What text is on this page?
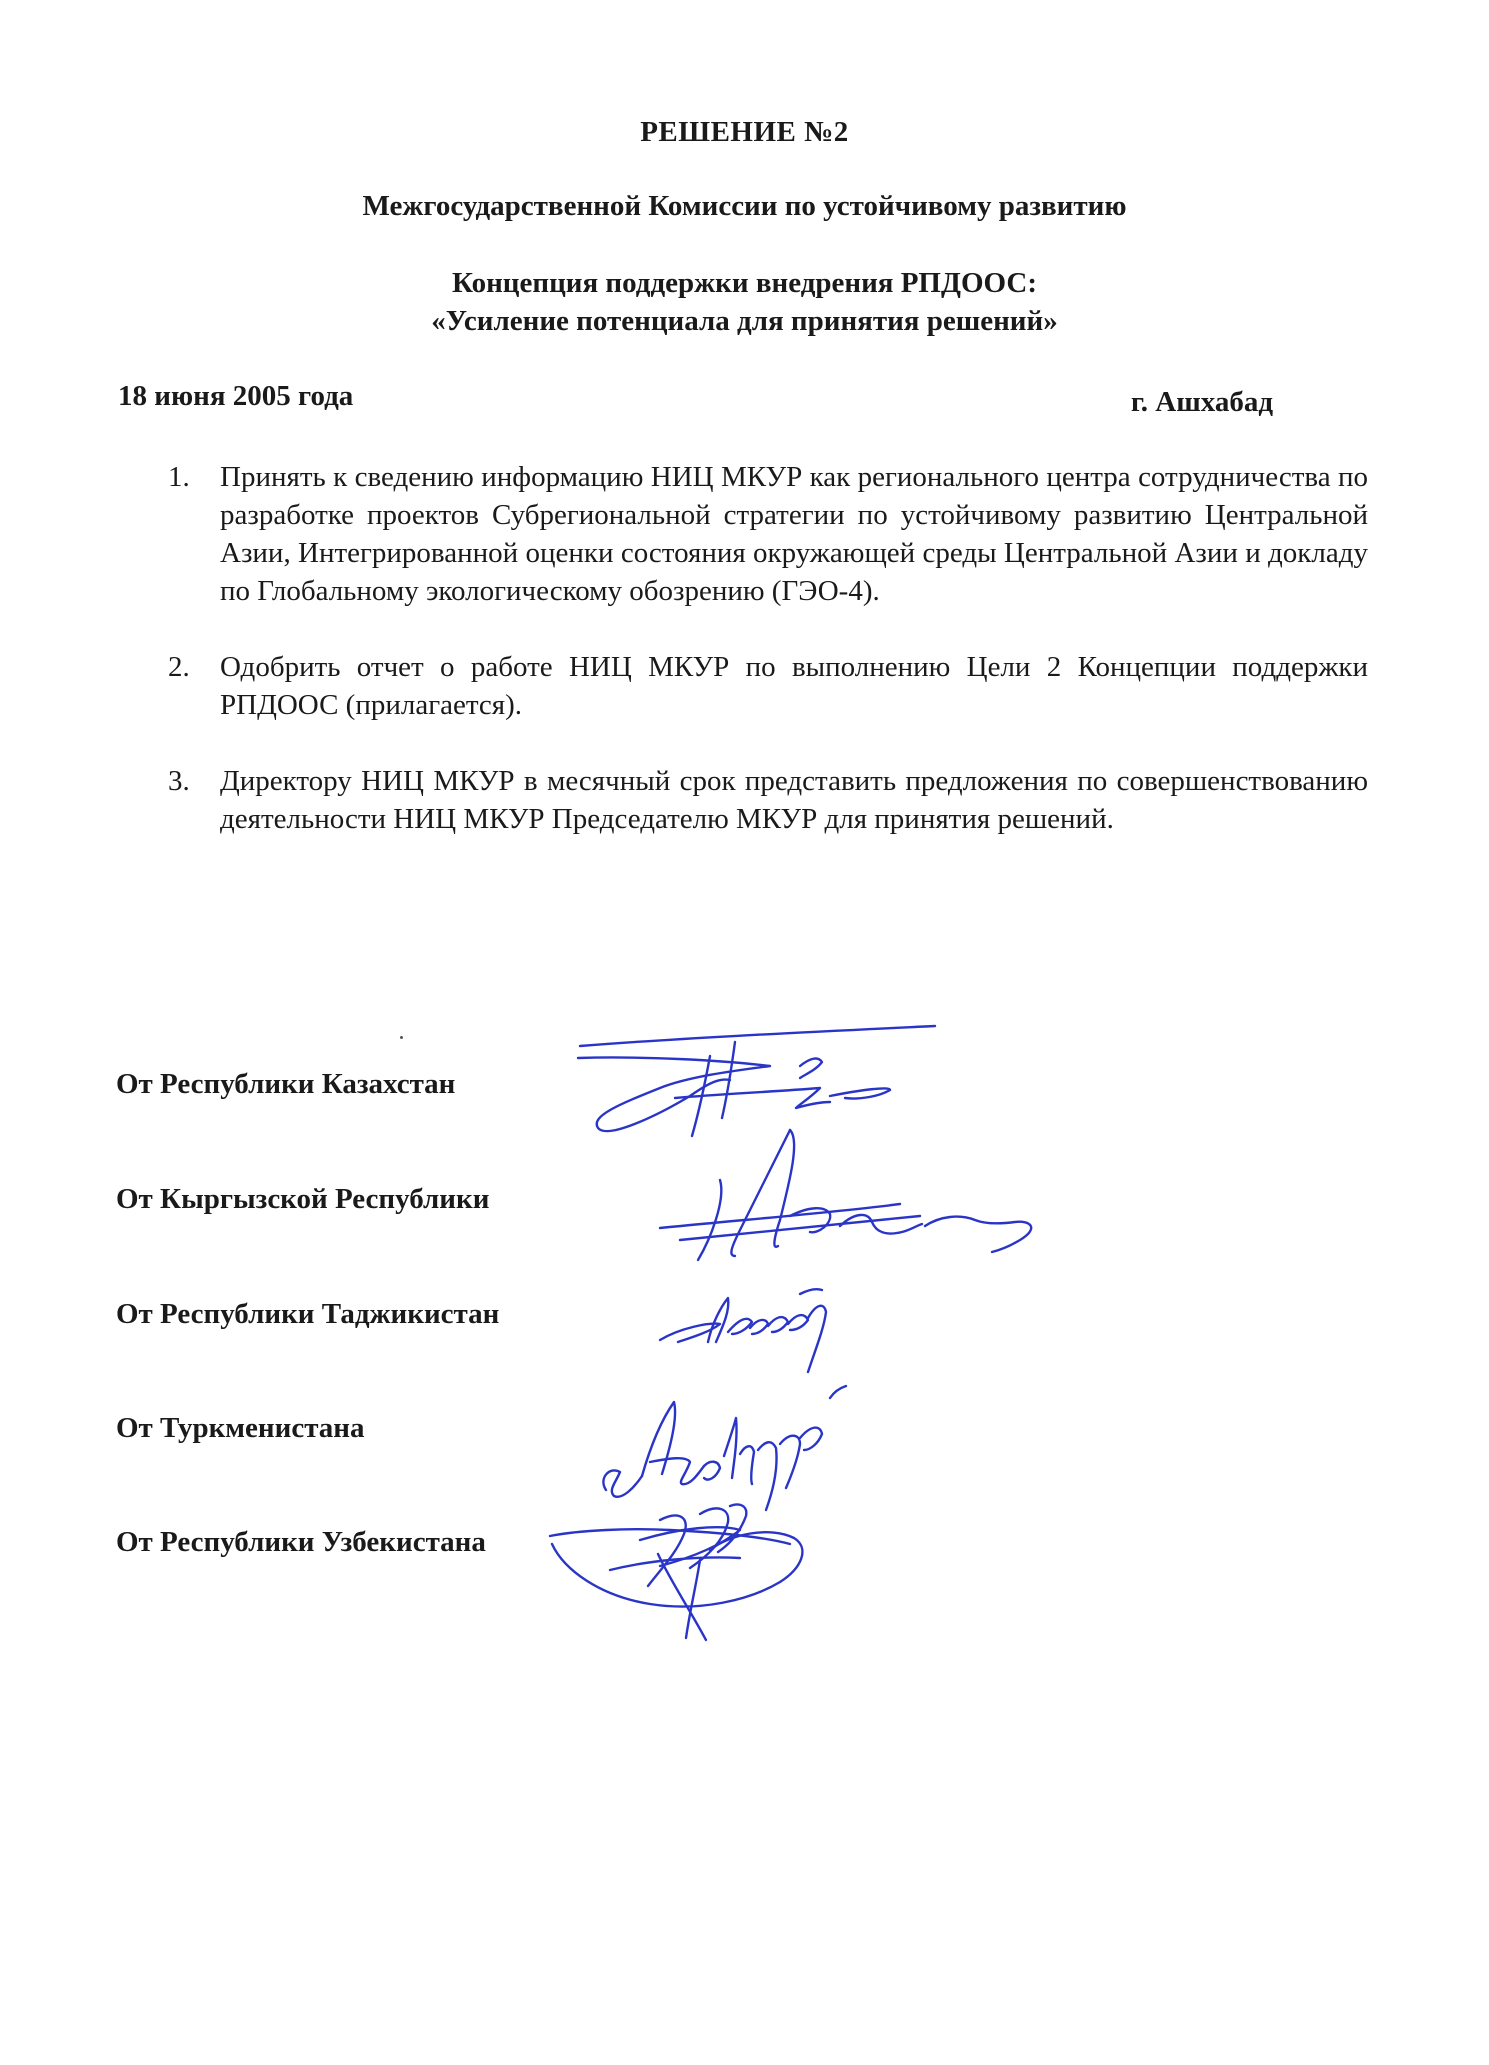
РЕШЕНИЕ №2
Межгосударственной Комиссии по устойчивому развитию
Концепция поддержки внедрения РПДООС:
«Усиление потенциала для принятия решений»
18 июня 2005 года	г. Ашхабад
1.	Принять к сведению информацию НИЦ МКУР как регионального центра сотрудничества по разработке проектов Субрегиональной стратегии по устойчивому развитию Центральной Азии, Интегрированной оценки состояния окружающей среды Центральной Азии и докладу по Глобальному экологическому обозрению (ГЭО-4).
2.	Одобрить отчет о работе НИЦ МКУР по выполнению Цели 2 Концепции поддержки РПДООС (прилагается).
3.	Директору НИЦ МКУР в месячный срок представить предложения по совершенствованию деятельности НИЦ МКУР Председателю МКУР для принятия решений.
От Республики Казахстан
От Кыргызской Республики
От Республики Таджикистан
От Туркменистана
От Республики Узбекистана
